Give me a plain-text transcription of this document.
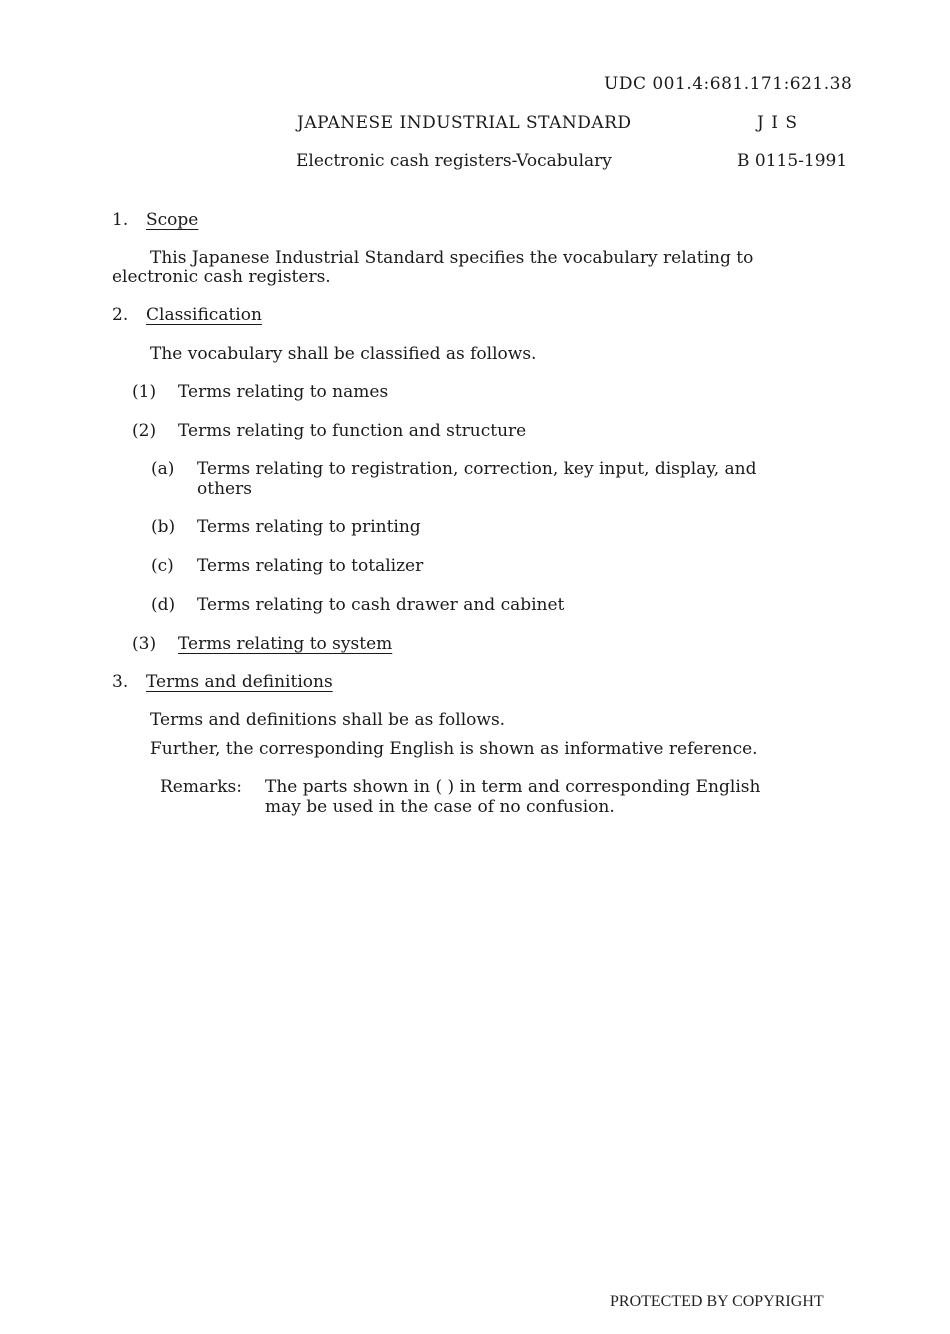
UDC 001.4:681.171:621.38
JAPANESE INDUSTRIAL STANDARD	J I S
Electronic cash registers-Vocabulary	B 0115-1991
1. Scope
This Japanese Industrial Standard specifies the vocabulary relating to
electronic cash registers.
2. Classification
The vocabulary shall be classified as follows.
(1) Terms relating to names
(2) Terms relating to function and structure
(a) Terms relating to registration, correction, key input, display, and
others
(b) Terms relating to printing
(c) Terms relating to totalizer
(d) Terms relating to cash drawer and cabinet
(3) Terms relating to system
3. Terms and definitions
Terms and definitions shall be as follows.
Further, the corresponding English is shown as informative reference.
Remarks: The parts shown in ( ) in term and corresponding English
may be used in the case of no confusion.
PROTECTED BY COPYRIGHT
